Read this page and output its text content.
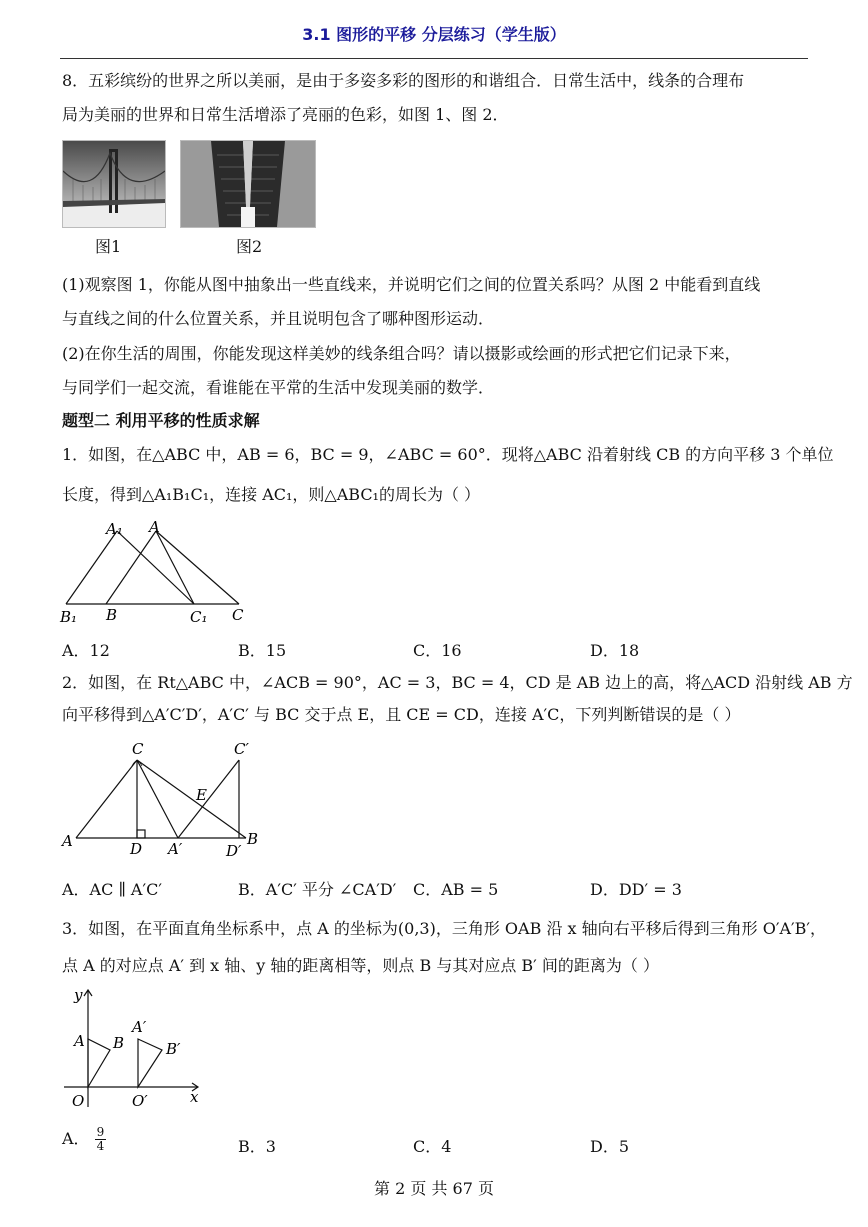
3.1 图形的平移 分层练习（学生版）
8．五彩缤纷的世界之所以美丽，是由于多姿多彩的图形的和谐组合．日常生活中，线条的合理布
局为美丽的世界和日常生活增添了亮丽的色彩，如图 1、图 2．
图1	图2
(1)观察图 1，你能从图中抽象出一些直线来，并说明它们之间的位置关系吗？从图 2 中能看到直线
与直线之间的什么位置关系，并且说明包含了哪种图形运动．
(2)在你生活的周围，你能发现这样美妙的线条组合吗？请以摄影或绘画的形式把它们记录下来，
与同学们一起交流，看谁能在平常的生活中发现美丽的数学．
题型二 利用平移的性质求解
1．如图，在△ABC 中，AB = 6，BC = 9，∠ABC = 60°．现将△ABC 沿着射线 CB 的方向平移 3 个单位
长度，得到△A₁B₁C₁，连接 AC₁，则△ABC₁的周长为（ ）
A₁ A
B₁ B	C₁ C
A．12	B．15	C．16	D．18
2．如图，在 Rt△ABC 中，∠ACB = 90°，AC = 3，BC = 4，CD 是 AB 边上的高，将△ACD 沿射线 AB 方
向平移得到△A′C′D′，A′C′ 与 BC 交于点 E，且 CE = CD，连接 A′C，下列判断错误的是（ ）
C	C′
E
A	D A′	D′
B
A．AC ∥ A′C′	B．A′C′ 平分 ∠CA′D′ C．AB = 5	D．DD′ = 3
3．如图，在平面直角坐标系中，点 A 的坐标为(0,3)，三角形 OAB 沿 x 轴向右平移后得到三角形 O′A′B′，
点 A 的对应点 A′ 到 x 轴、y 轴的距离相等，则点 B 与其对应点 B′ 间的距离为（ ）
y
x
A B
O
A′
B′
O′
A． $\frac{9}{4}$	B．3	C．4	D．5
第 2 页 共 67 页
